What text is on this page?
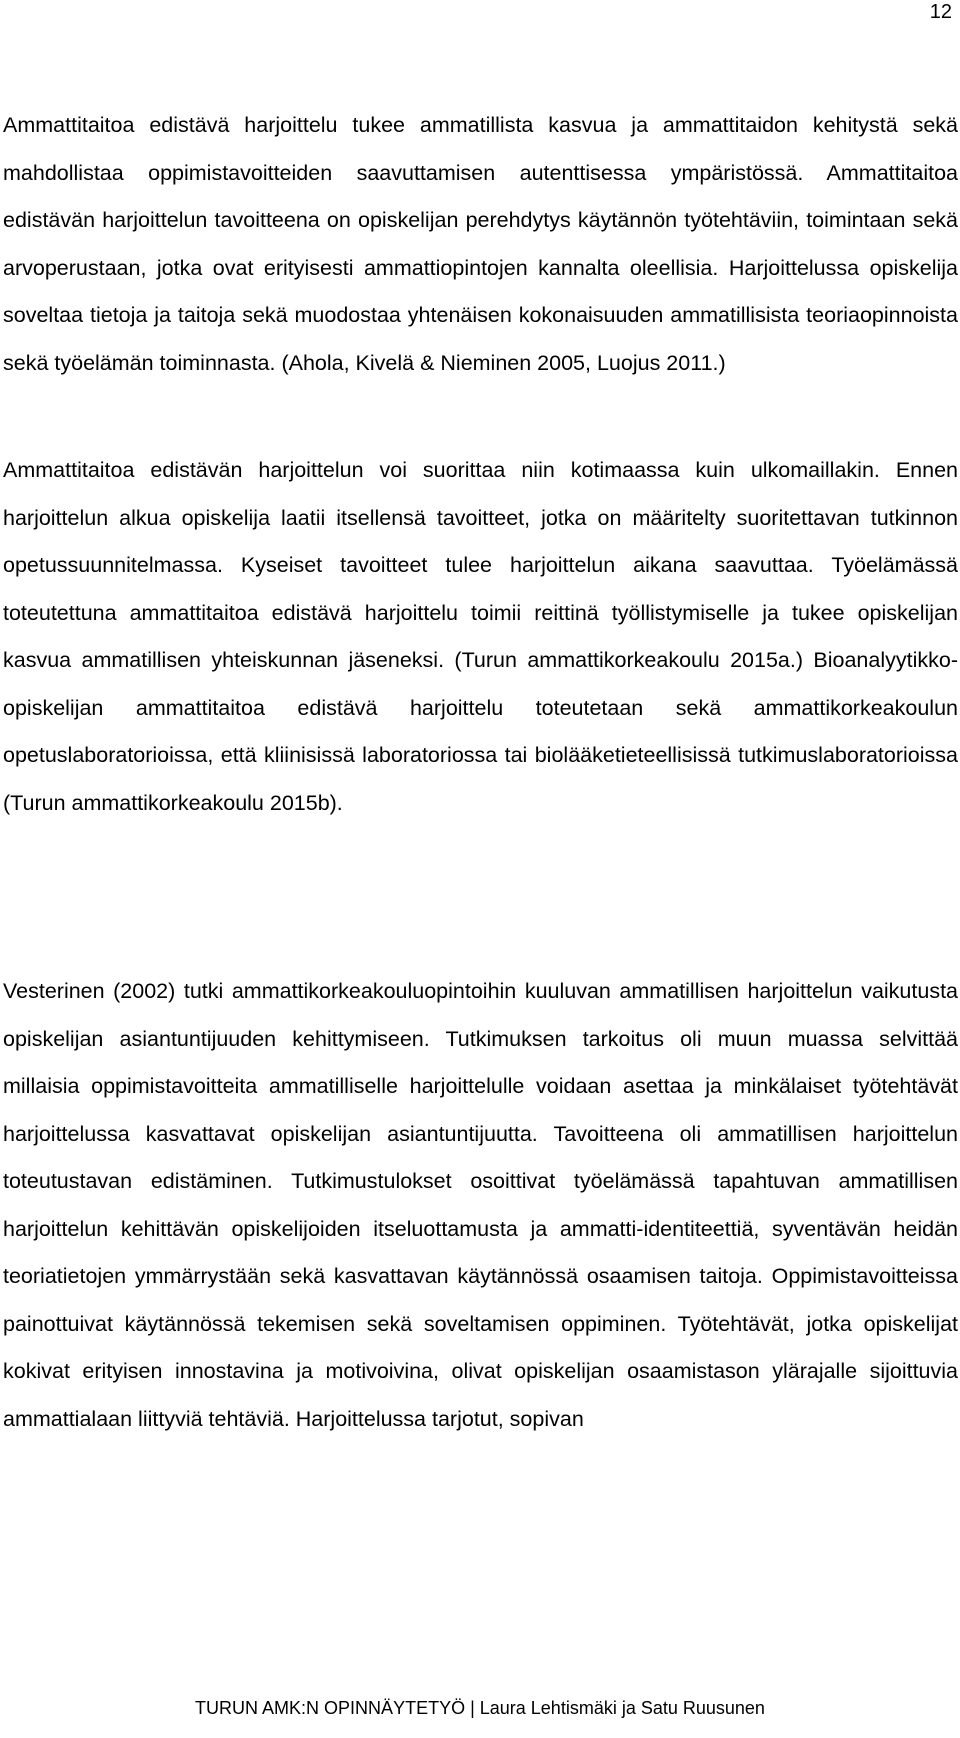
12

Ammattitaitoa edistävä harjoittelu tukee ammatillista kasvua ja ammattitaidon kehitystä sekä mahdollistaa oppimistavoitteiden saavuttamisen autenttisessa ympäristössä. Ammattitaitoa edistävän harjoittelun tavoitteena on opiskelijan perehdytys käytännön työtehtäviin, toimintaan sekä arvoperustaan, jotka ovat erityisesti ammattiopintojen kannalta oleellisia. Harjoittelussa opiskelija soveltaa tietoja ja taitoja sekä muodostaa yhtenäisen kokonaisuuden ammatillisista teoriaopinnoista sekä työelämän toiminnasta. (Ahola, Kivelä & Nieminen 2005, Luojus 2011.)

Ammattitaitoa edistävän harjoittelun voi suorittaa niin kotimaassa kuin ulkomaillakin. Ennen harjoittelun alkua opiskelija laatii itsellensä tavoitteet, jotka on määritelty suoritettavan tutkinnon opetussuunnitelmassa. Kyseiset tavoitteet tulee harjoittelun aikana saavuttaa. Työelämässä toteutettuna ammattitaitoa edistävä harjoittelu toimii reittinä työllistymiselle ja tukee opiskelijan kasvua ammatillisen yhteiskunnan jäseneksi. (Turun ammattikorkeakoulu 2015a.) Bioanalyytikko-opiskelijan ammattitaitoa edistävä harjoittelu toteutetaan sekä ammattikorkeakoulun opetuslaboratorioissa, että kliinisissä laboratoriossa tai biolääketieteellisissä tutkimuslaboratorioissa (Turun ammattikorkeakoulu 2015b).

Vesterinen (2002) tutki ammattikorkeakouluopintoihin kuuluvan ammatillisen harjoittelun vaikutusta opiskelijan asiantuntijuuden kehittymiseen. Tutkimuksen tarkoitus oli muun muassa selvittää millaisia oppimistavoitteita ammatilliselle harjoittelulle voidaan asettaa ja minkälaiset työtehtävät harjoittelussa kasvattavat opiskelijan asiantuntijuutta. Tavoitteena oli ammatillisen harjoittelun toteutustavan edistäminen. Tutkimustulokset osoittivat työelämässä tapahtuvan ammatillisen harjoittelun kehittävän opiskelijoiden itseluottamusta ja ammatti-identiteettiä, syventävän heidän teoriatietojen ymmärrystään sekä kasvattavan käytännössä osaamisen taitoja. Oppimistavoitteissa painottuivat käytännössä tekemisen sekä soveltamisen oppiminen. Työtehtävät, jotka opiskelijat kokivat erityisen innostavina ja motivoivina, olivat opiskelijan osaamistason ylärajalle sijoittuvia ammattialaan liittyviä tehtäviä. Harjoittelussa tarjotut, sopivan

TURUN AMK:N OPINNÄYTETYÖ | Laura Lehtismäki ja Satu Ruusunen
